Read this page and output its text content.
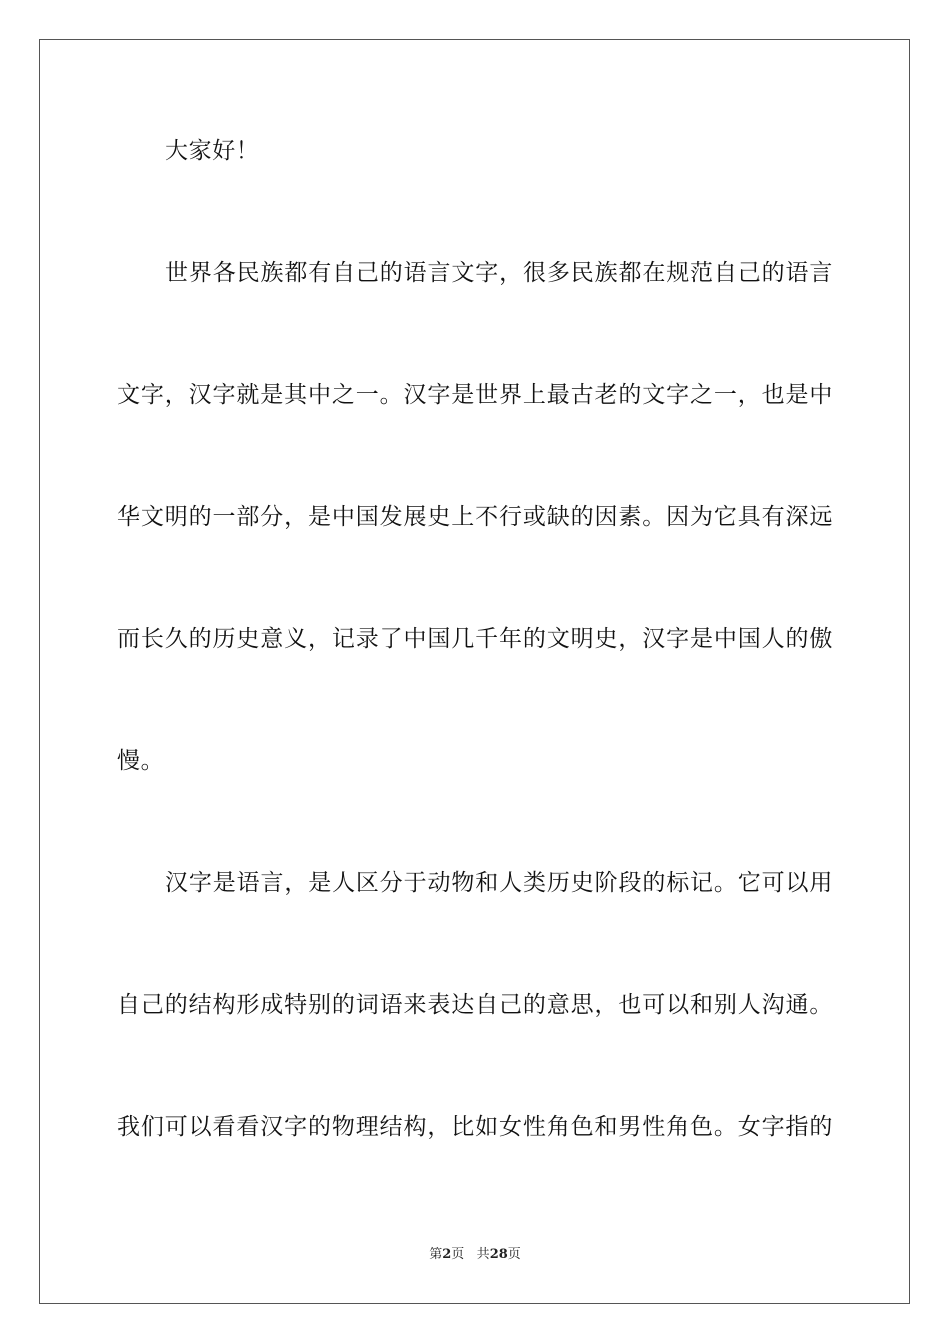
大家好！
世界各民族都有自己的语言文字，很多民族都在规范自己的语言
文字，汉字就是其中之一。汉字是世界上最古老的文字之一，也是中
华文明的一部分，是中国发展史上不行或缺的因素。因为它具有深远
而长久的历史意义，记录了中国几千年的文明史，汉字是中国人的傲
慢。
汉字是语言，是人区分于动物和人类历史阶段的标记。它可以用
自己的结构形成特别的词语来表达自己的意思，也可以和别人沟通。
我们可以看看汉字的物理结构，比如女性角色和男性角色。女字指的
第2页 共28页
